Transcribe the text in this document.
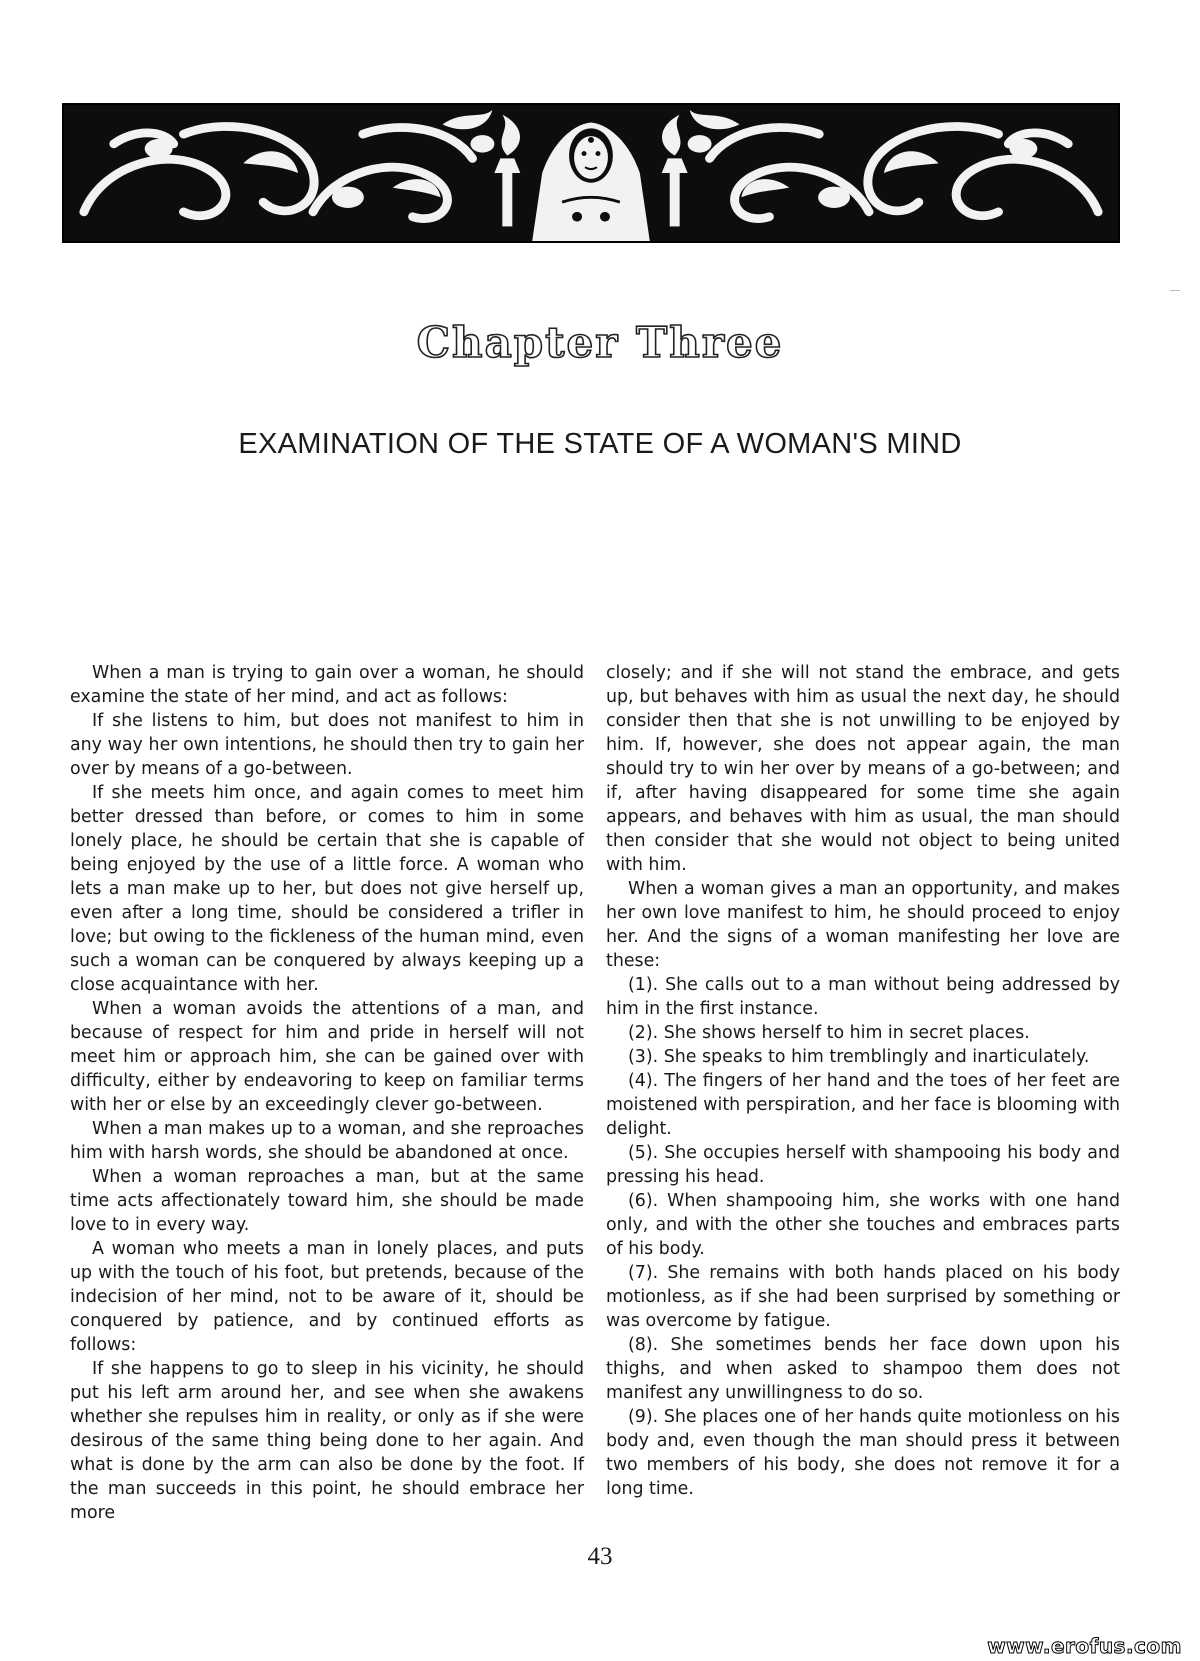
Chapter Three
EXAMINATION OF THE STATE OF A WOMAN'S MIND

When a man is trying to gain over a woman, he should examine the state of her mind, and act as follows:

If she listens to him, but does not manifest to him in any way her own intentions, he should then try to gain her over by means of a go-between.

If she meets him once, and again comes to meet him better dressed than before, or comes to him in some lonely place, he should be certain that she is capable of being enjoyed by the use of a little force. A woman who lets a man make up to her, but does not give herself up, even after a long time, should be considered a trifler in love; but owing to the fickleness of the human mind, even such a woman can be conquered by always keeping up a close acquaintance with her.

When a woman avoids the attentions of a man, and because of respect for him and pride in herself will not meet him or approach him, she can be gained over with difficulty, either by endeavoring to keep on familiar terms with her or else by an exceedingly clever go-between.

When a man makes up to a woman, and she reproaches him with harsh words, she should be abandoned at once.

When a woman reproaches a man, but at the same time acts affectionately toward him, she should be made love to in every way.

A woman who meets a man in lonely places, and puts up with the touch of his foot, but pretends, because of the indecision of her mind, not to be aware of it, should be conquered by patience, and by continued efforts as follows:

If she happens to go to sleep in his vicinity, he should put his left arm around her, and see when she awakens whether she repulses him in reality, or only as if she were desirous of the same thing being done to her again. And what is done by the arm can also be done by the foot. If the man succeeds in this point, he should embrace her more

closely; and if she will not stand the embrace, and gets up, but behaves with him as usual the next day, he should consider then that she is not unwilling to be enjoyed by him. If, however, she does not appear again, the man should try to win her over by means of a go-between; and if, after having disappeared for some time she again appears, and behaves with him as usual, the man should then consider that she would not object to being united with him.

When a woman gives a man an opportunity, and makes her own love manifest to him, he should proceed to enjoy her. And the signs of a woman manifesting her love are these:

(1). She calls out to a man without being addressed by him in the first instance.

(2). She shows herself to him in secret places.

(3). She speaks to him tremblingly and inarticulately.

(4). The fingers of her hand and the toes of her feet are moistened with perspiration, and her face is blooming with delight.

(5). She occupies herself with shampooing his body and pressing his head.

(6). When shampooing him, she works with one hand only, and with the other she touches and embraces parts of his body.

(7). She remains with both hands placed on his body motionless, as if she had been surprised by something or was overcome by fatigue.

(8). She sometimes bends her face down upon his thighs, and when asked to shampoo them does not manifest any unwillingness to do so.

(9). She places one of her hands quite motionless on his body and, even though the man should press it between two members of his body, she does not remove it for a long time.

43
www.erofus.com
